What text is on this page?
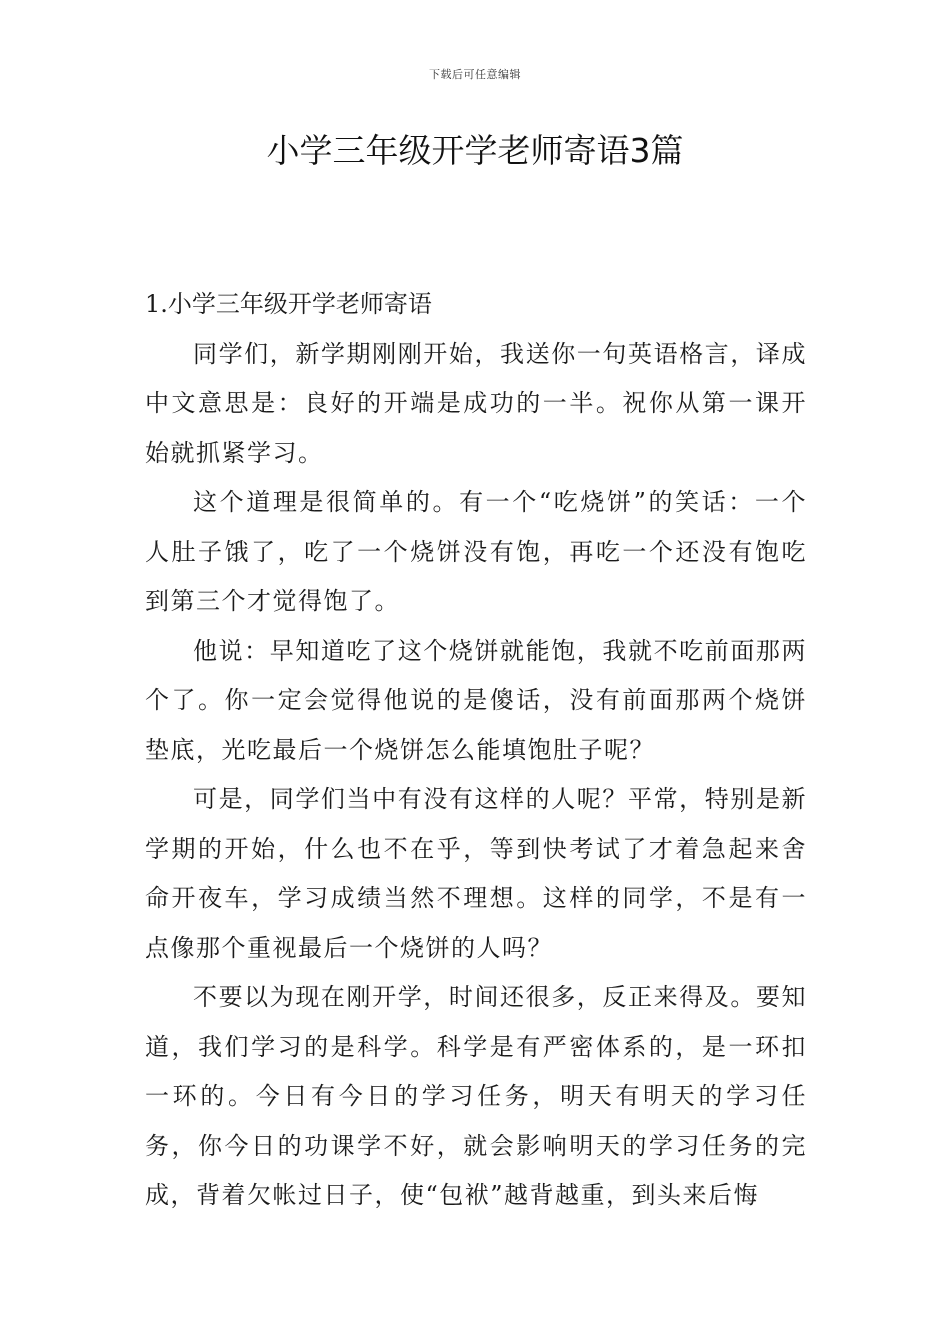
下载后可任意编辑
小学三年级开学老师寄语3篇
1.小学三年级开学老师寄语

同学们，新学期刚刚开始，我送你一句英语格言，译成中文意思是：良好的开端是成功的一半。祝你从第一课开始就抓紧学习。

这个道理是很简单的。有一个“吃烧饼”的笑话：一个人肚子饿了，吃了一个烧饼没有饱，再吃一个还没有饱吃到第三个才觉得饱了。

他说：早知道吃了这个烧饼就能饱，我就不吃前面那两个了。你一定会觉得他说的是傻话，没有前面那两个烧饼垫底，光吃最后一个烧饼怎么能填饱肚子呢？

可是，同学们当中有没有这样的人呢？平常，特别是新学期的开始，什么也不在乎，等到快考试了才着急起来舍命开夜车，学习成绩当然不理想。这样的同学，不是有一点像那个重视最后一个烧饼的人吗？

不要以为现在刚开学，时间还很多，反正来得及。要知道，我们学习的是科学。科学是有严密体系的，是一环扣一环的。今日有今日的学习任务，明天有明天的学习任务，你今日的功课学不好，就会影响明天的学习任务的完成，背着欠帐过日子，使“包袱”越背越重，到头来后悔
